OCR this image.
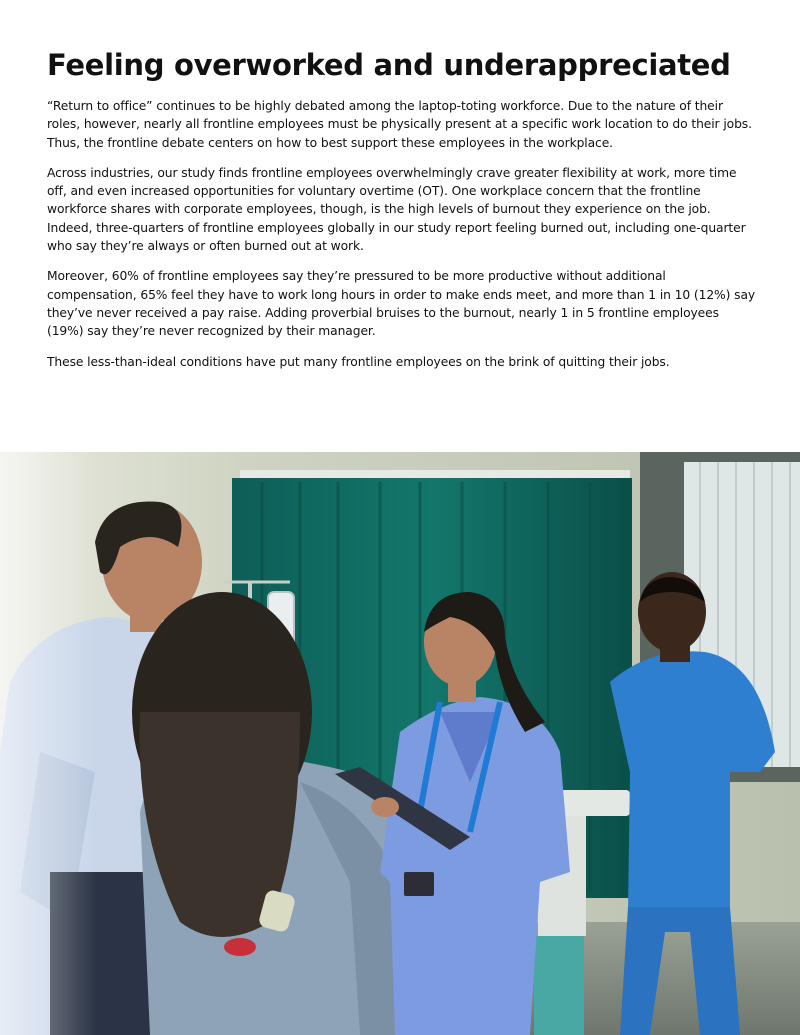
Feeling overworked and underappreciated

“Return to office” continues to be highly debated among the laptop-toting workforce. Due to the nature of their roles, however, nearly all frontline employees must be physically present at a specific work location to do their jobs. Thus, the frontline debate centers on how to best support these employees in the workplace.

Across industries, our study finds frontline employees overwhelmingly crave greater flexibility at work, more time off, and even increased opportunities for voluntary overtime (OT). One workplace concern that the frontline workforce shares with corporate employees, though, is the high levels of burnout they experience on the job. Indeed, three-quarters of frontline employees globally in our study report feeling burned out, including one-quarter who say they’re always or often burned out at work.

Moreover, 60% of frontline employees say they’re pressured to be more productive without additional compensation, 65% feel they have to work long hours in order to make ends meet, and more than 1 in 10 (12%) say they’ve never received a pay raise. Adding proverbial bruises to the burnout, nearly 1 in 5 frontline employees (19%) say they’re never recognized by their manager.

These less-than-ideal conditions have put many frontline employees on the brink of quitting their jobs.
